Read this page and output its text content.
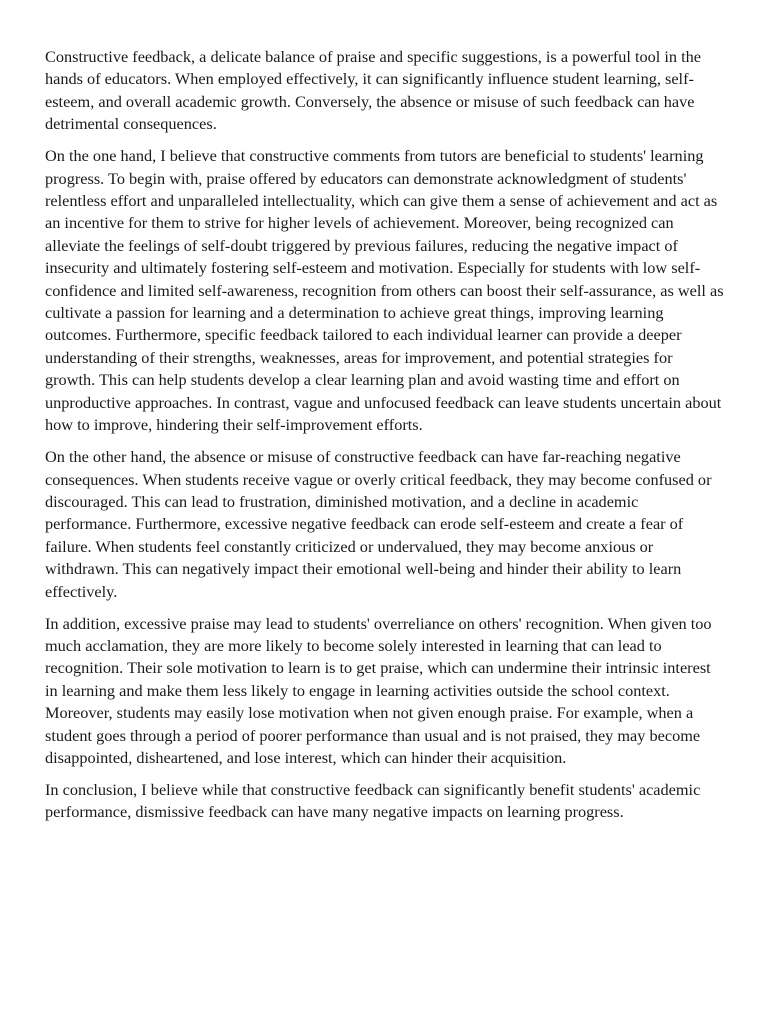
Constructive feedback, a delicate balance of praise and specific suggestions, is a powerful tool in the hands of educators. When employed effectively, it can significantly influence student learning, self-esteem, and overall academic growth. Conversely, the absence or misuse of such feedback can have detrimental consequences.

On the one hand, I believe that constructive comments from tutors are beneficial to students' learning progress. To begin with, praise offered by educators can demonstrate acknowledgment of students' relentless effort and unparalleled intellectuality, which can give them a sense of achievement and act as an incentive for them to strive for higher levels of achievement. Moreover, being recognized can alleviate the feelings of self-doubt triggered by previous failures, reducing the negative impact of insecurity and ultimately fostering self-esteem and motivation. Especially for students with low self-confidence and limited self-awareness, recognition from others can boost their self-assurance, as well as cultivate a passion for learning and a determination to achieve great things, improving learning outcomes. Furthermore, specific feedback tailored to each individual learner can provide a deeper understanding of their strengths, weaknesses, areas for improvement, and potential strategies for growth. This can help students develop a clear learning plan and avoid wasting time and effort on unproductive approaches. In contrast, vague and unfocused feedback can leave students uncertain about how to improve, hindering their self-improvement efforts.

On the other hand, the absence or misuse of constructive feedback can have far-reaching negative consequences. When students receive vague or overly critical feedback, they may become confused or discouraged. This can lead to frustration, diminished motivation, and a decline in academic performance. Furthermore, excessive negative feedback can erode self-esteem and create a fear of failure. When students feel constantly criticized or undervalued, they may become anxious or withdrawn. This can negatively impact their emotional well-being and hinder their ability to learn effectively.

In addition, excessive praise may lead to students' overreliance on others' recognition. When given too much acclamation, they are more likely to become solely interested in learning that can lead to recognition. Their sole motivation to learn is to get praise, which can undermine their intrinsic interest in learning and make them less likely to engage in learning activities outside the school context. Moreover, students may easily lose motivation when not given enough praise. For example, when a student goes through a period of poorer performance than usual and is not praised, they may become disappointed, disheartened, and lose interest, which can hinder their acquisition.

In conclusion, I believe while that constructive feedback can significantly benefit students' academic performance, dismissive feedback can have many negative impacts on learning progress.
